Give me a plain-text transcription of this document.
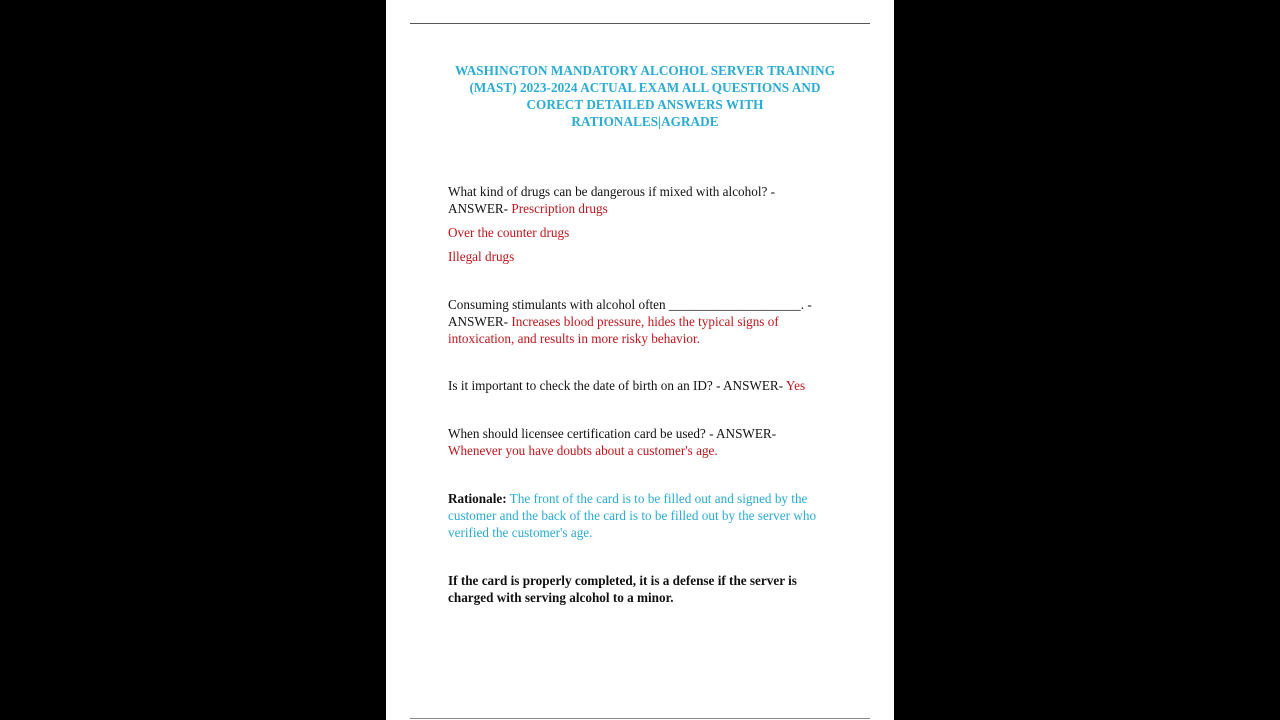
WASHINGTON MANDATORY ALCOHOL SERVER TRAINING
(MAST) 2023-2024 ACTUAL EXAM ALL QUESTIONS AND
CORECT DETAILED ANSWERS WITH
RATIONALES|AGRADE
What kind of drugs can be dangerous if mixed with alcohol? -
ANSWER- Prescription drugs
Over the counter drugs
Illegal drugs
Consuming stimulants with alcohol often ____________________. -
ANSWER- Increases blood pressure, hides the typical signs of
intoxication, and results in more risky behavior.
Is it important to check the date of birth on an ID? - ANSWER- Yes
When should licensee certification card be used? - ANSWER-
Whenever you have doubts about a customer's age.
Rationale: The front of the card is to be filled out and signed by the
customer and the back of the card is to be filled out by the server who
verified the customer's age.
If the card is properly completed, it is a defense if the server is
charged with serving alcohol to a minor.
